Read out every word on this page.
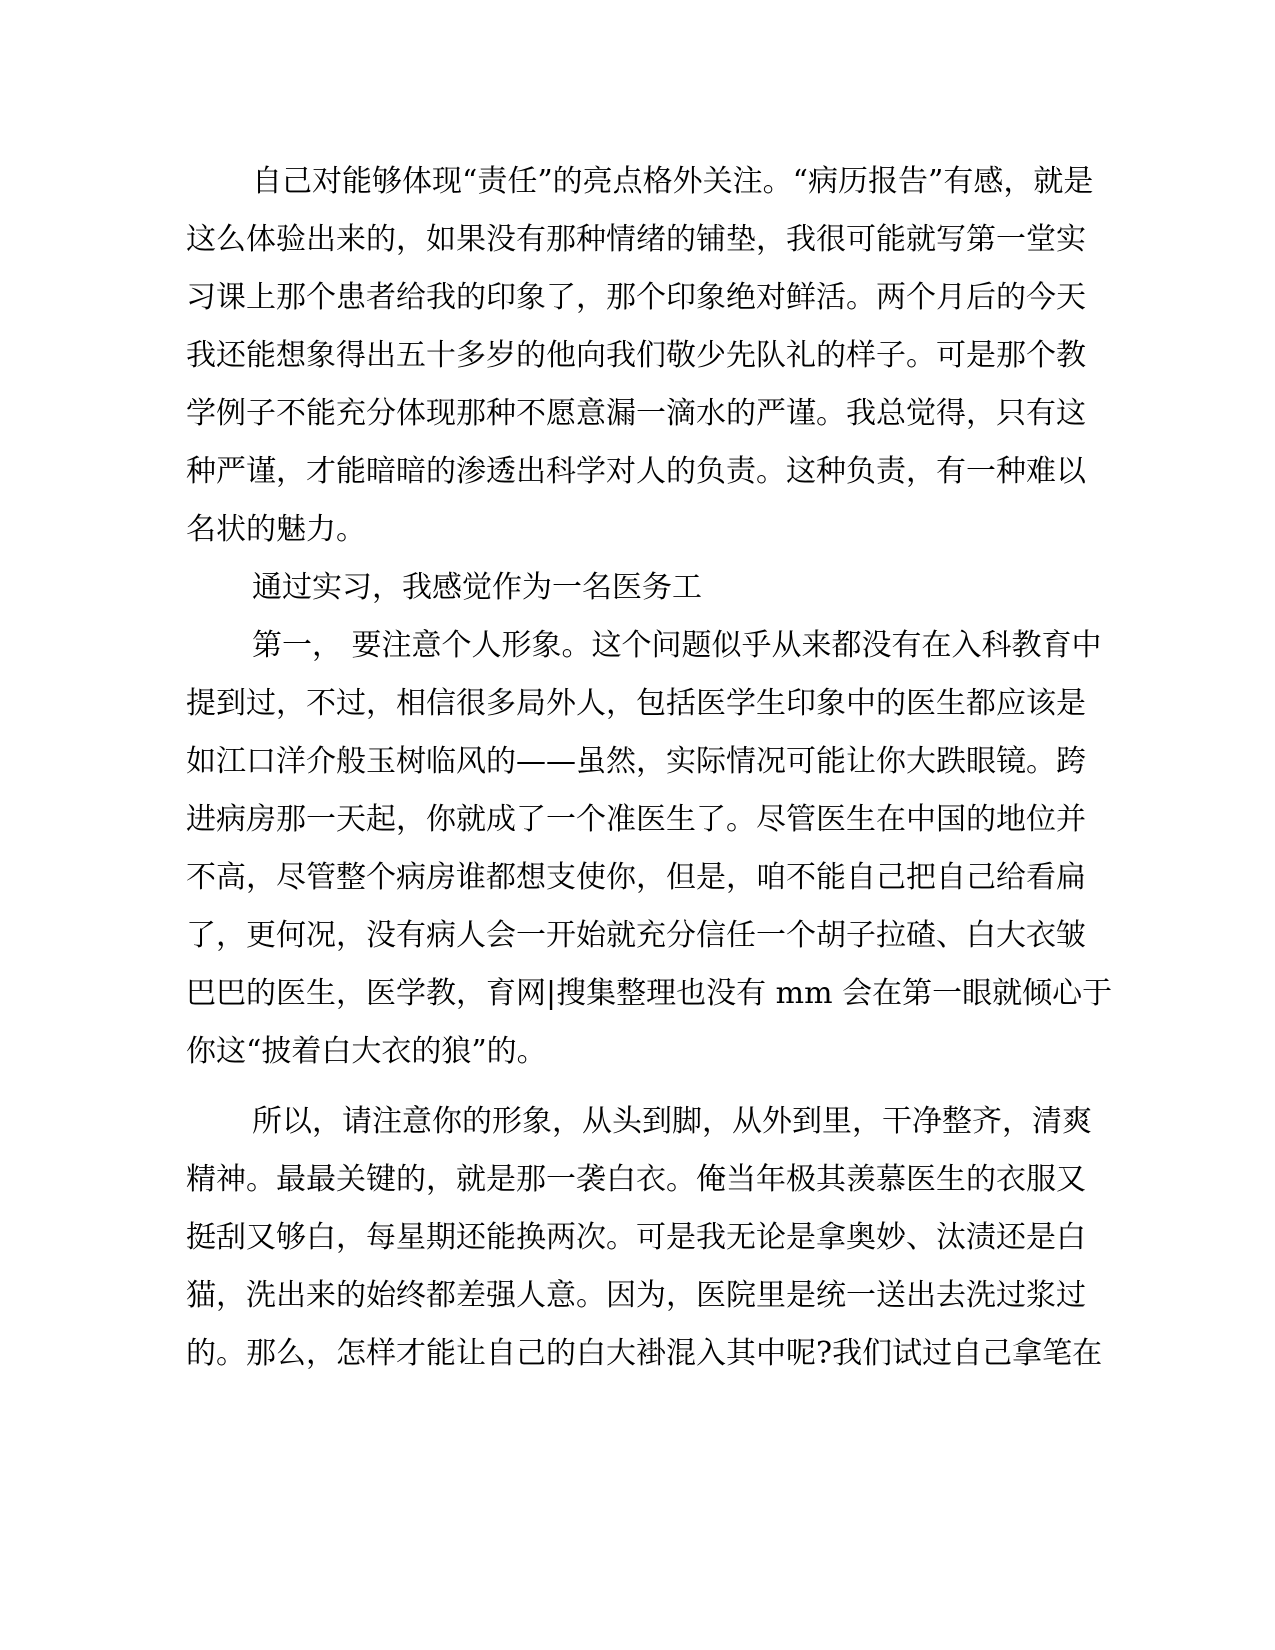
自己对能够体现“责任”的亮点格外关注。“病历报告”有感，就是
这么体验出来的，如果没有那种情绪的铺垫，我很可能就写第一堂实
习课上那个患者给我的印象了，那个印象绝对鲜活。两个月后的今天
我还能想象得出五十多岁的他向我们敬少先队礼的样子。可是那个教
学例子不能充分体现那种不愿意漏一滴水的严谨。我总觉得，只有这
种严谨，才能暗暗的渗透出科学对人的负责。这种负责，有一种难以
名状的魅力。
通过实习，我感觉作为一名医务工
第一， 要注意个人形象。这个问题似乎从来都没有在入科教育中
提到过，不过，相信很多局外人，包括医学生印象中的医生都应该是
如江口洋介般玉树临风的——虽然，实际情况可能让你大跌眼镜。跨
进病房那一天起，你就成了一个准医生了。尽管医生在中国的地位并
不高，尽管整个病房谁都想支使你，但是，咱不能自己把自己给看扁
了，更何况，没有病人会一开始就充分信任一个胡子拉碴、白大衣皱
巴巴的医生，医学教，育网|搜集整理也没有 mm 会在第一眼就倾心于
你这“披着白大衣的狼”的。
所以，请注意你的形象，从头到脚，从外到里，干净整齐，清爽
精神。最最关键的，就是那一袭白衣。俺当年极其羡慕医生的衣服又
挺刮又够白，每星期还能换两次。可是我无论是拿奥妙、汰渍还是白
猫，洗出来的始终都差强人意。因为，医院里是统一送出去洗过浆过
的。那么，怎样才能让自己的白大褂混入其中呢?我们试过自己拿笔在
